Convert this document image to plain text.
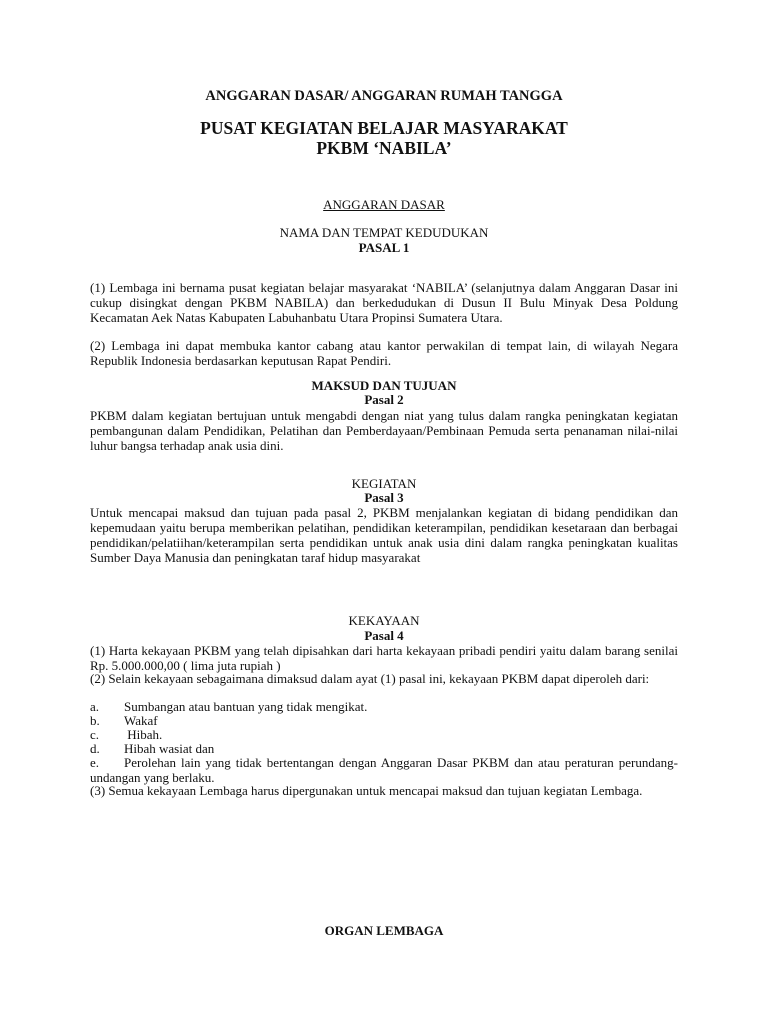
ANGGARAN DASAR/ ANGGARAN RUMAH TANGGA
PUSAT KEGIATAN BELAJAR MASYARAKAT
PKBM ‘NABILA’
ANGGARAN DASAR
NAMA DAN TEMPAT KEDUDUKAN
PASAL 1
(1) Lembaga ini bernama pusat kegiatan belajar masyarakat ‘NABILA’ (selanjutnya dalam Anggaran Dasar ini cukup disingkat dengan PKBM NABILA) dan berkedudukan di Dusun II Bulu Minyak Desa Poldung Kecamatan Aek Natas Kabupaten Labuhanbatu Utara Propinsi Sumatera Utara.
(2) Lembaga ini dapat membuka kantor cabang atau kantor perwakilan di tempat lain, di wilayah Negara Republik Indonesia berdasarkan keputusan Rapat Pendiri.
MAKSUD DAN TUJUAN
Pasal 2
PKBM dalam kegiatan bertujuan untuk mengabdi dengan niat yang tulus dalam rangka peningkatan kegiatan pembangunan dalam Pendidikan, Pelatihan dan Pemberdayaan/Pembinaan Pemuda serta penanaman nilai-nilai luhur bangsa terhadap anak usia dini.
KEGIATAN
Pasal 3
Untuk mencapai maksud dan tujuan pada pasal 2, PKBM menjalankan kegiatan di bidang pendidikan dan kepemudaan yaitu berupa memberikan pelatihan, pendidikan keterampilan, pendidikan kesetaraan dan berbagai pendidikan/pelatiihan/keterampilan serta pendidikan untuk anak usia dini dalam rangka peningkatan kualitas Sumber Daya Manusia dan peningkatan taraf hidup masyarakat
KEKAYAAN
Pasal 4
(1) Harta kekayaan PKBM yang telah dipisahkan dari harta kekayaan pribadi pendiri yaitu dalam barang senilai Rp. 5.000.000,00 ( lima juta rupiah )
(2) Selain kekayaan sebagaimana dimaksud dalam ayat (1) pasal ini, kekayaan PKBM dapat diperoleh dari:
a. Sumbangan atau bantuan yang tidak mengikat.
b. Wakaf
c. Hibah.
d. Hibah wasiat dan
e. Perolehan lain yang tidak bertentangan dengan Anggaran Dasar PKBM dan atau peraturan perundang-undangan yang berlaku.
(3) Semua kekayaan Lembaga harus dipergunakan untuk mencapai maksud dan tujuan kegiatan Lembaga.
ORGAN LEMBAGA
